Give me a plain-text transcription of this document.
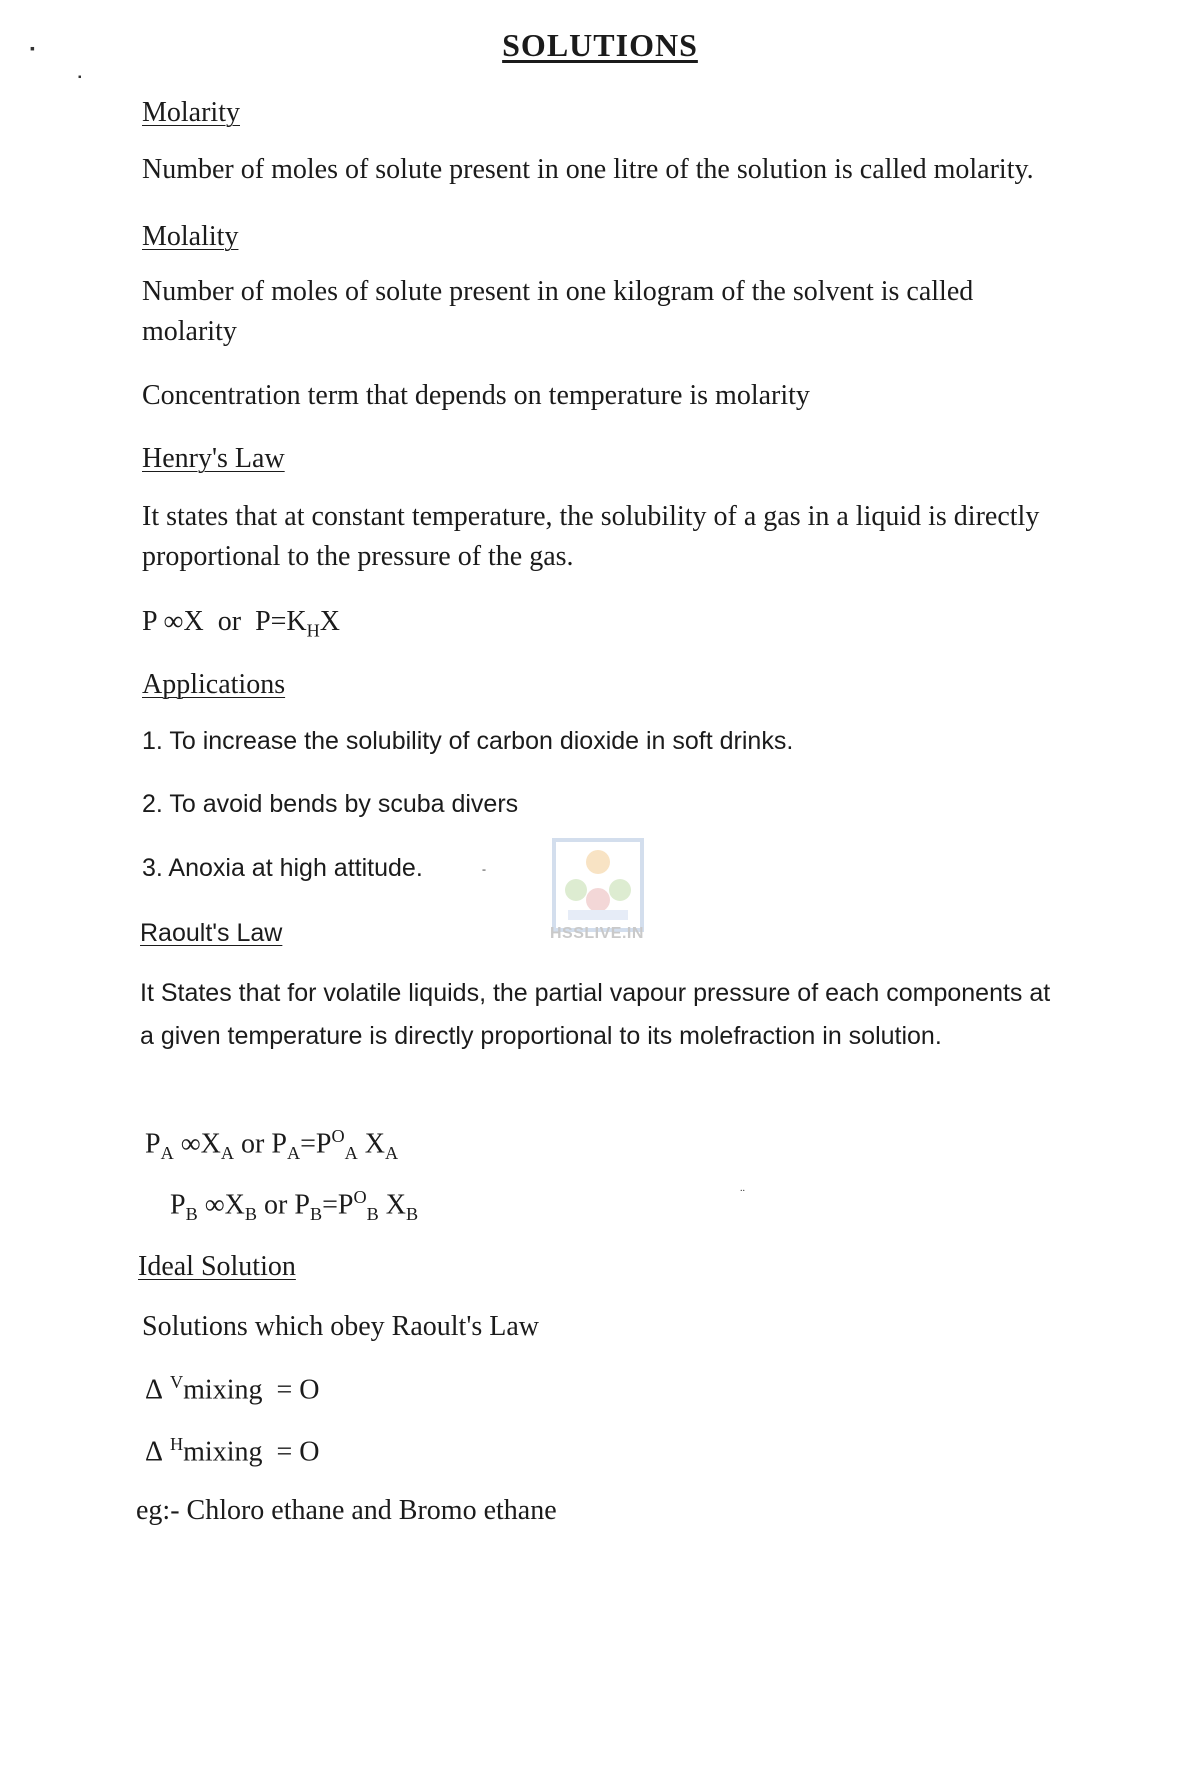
▪
▪
SOLUTIONS
Molarity
Number of moles of solute present in one litre of the solution is called molarity.
Molality
Number of moles of solute present in one kilogram of the solvent is called molarity
Concentration term that depends on temperature is molarity
Henry's Law
It states that at constant temperature, the solubility of a gas in a liquid is directly proportional to the pressure of the gas.
P ∞X or $P=K_HX$
Applications
1. To increase the solubility of carbon dioxide in soft drinks.
2. To avoid bends by scuba divers
3. Anoxia at high attitude.	-
HSSLIVE.IN
Raoult's Law
It States that for volatile liquids, the partial vapour pressure of each components at a given temperature is directly proportional to its molefraction in solution.
$P_A$ $\infty X_A$ or $P_A=P^O_A$ $X_A$
$P_B$ $\infty X_B$ or $P_B=P^O_B$ $X_B$
..
Ideal Solution
Solutions which obey Raoult's Law
Δ $^V$mixing = O
Δ $^H$mixing = O
eg:- Chloro ethane and Bromo ethane
